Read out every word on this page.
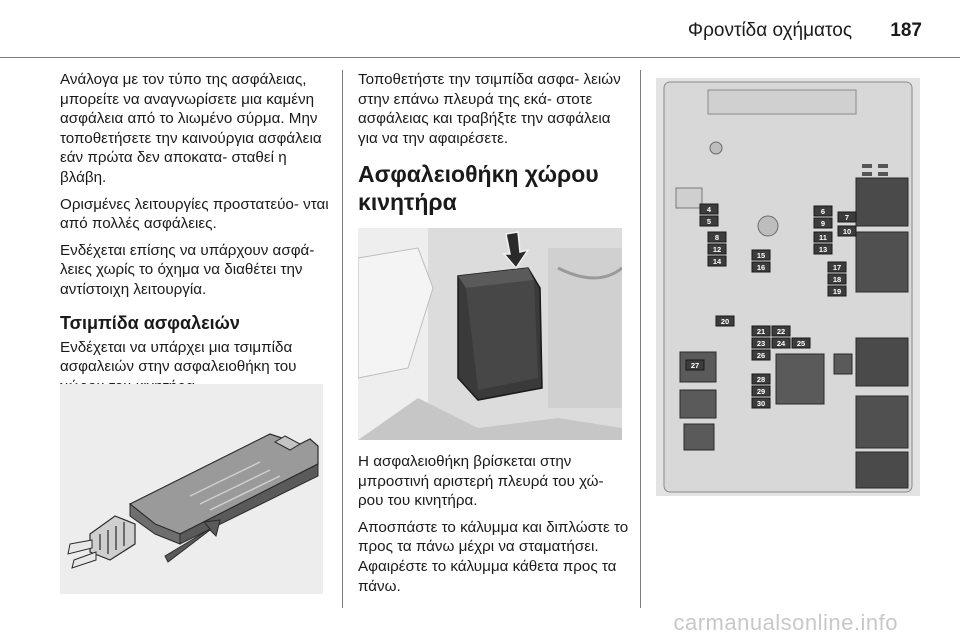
Φροντίδα οχήματος 187

Ανάλογα με τον τύπο της ασφάλειας, μπορείτε να αναγνωρίσετε μια καμένη ασφάλεια από το λιωμένο σύρμα. Μην τοποθετήσετε την καινούργια ασφάλεια εάν πρώτα δεν αποκατα- σταθεί η βλάβη.

Ορισμένες λειτουργίες προστατεύο- νται από πολλές ασφάλειες.

Ενδέχεται επίσης να υπάρχουν ασφά- λειες χωρίς το όχημα να διαθέτει την αντίστοιχη λειτουργία.

Τσιμπίδα ασφαλειών

Ενδέχεται να υπάρχει μια τσιμπίδα ασφαλειών στην ασφαλειοθήκη του

Τοποθετήστε την τσιμπίδα ασφα- λειών στην επάνω πλευρά της εκά- στοτε ασφάλειας και τραβήξτε την ασφάλεια για να την αφαιρέσετε.

Ασφαλειοθήκη χώρου κινητήρα

Η ασφαλειοθήκη βρίσκεται στην μπροστινή αριστερή πλευρά του χώ- ρου του κινητήρα.

Αποσπάστε το κάλυμμα και διπλώστε το προς τα πάνω μέχρι να σταματήσει. Αφαιρέστε το κάλυμμα κάθετα προς τα πάνω.

4
5
6
7
8
9
10
11
12	13
14
15
16	17
18
19
20
21 22
23 24 25
26
27
28
29
30
carmanualsonline.info
